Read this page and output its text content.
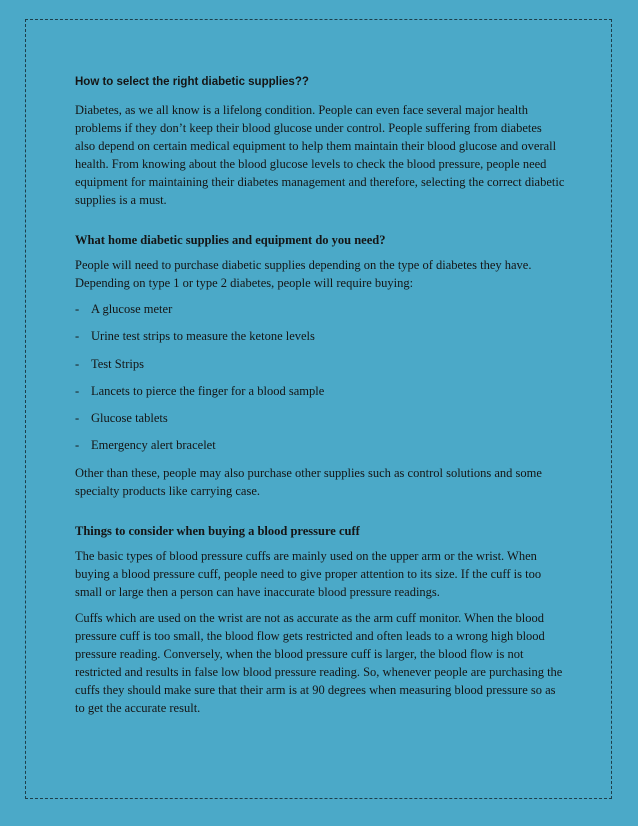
How to select the right diabetic supplies??

Diabetes, as we all know is a lifelong condition. People can even face several major health problems if they don’t keep their blood glucose under control. People suffering from diabetes also depend on certain medical equipment to help them maintain their blood glucose and overall health. From knowing about the blood glucose levels to check the blood pressure, people need equipment for maintaining their diabetes management and therefore, selecting the correct diabetic supplies is a must.

What home diabetic supplies and equipment do you need?

People will need to purchase diabetic supplies depending on the type of diabetes they have. Depending on type 1 or type 2 diabetes, people will require buying:

- A glucose meter
- Urine test strips to measure the ketone levels
- Test Strips
- Lancets to pierce the finger for a blood sample
- Glucose tablets
- Emergency alert bracelet

Other than these, people may also purchase other supplies such as control solutions and some specialty products like carrying case.

Things to consider when buying a blood pressure cuff

The basic types of blood pressure cuffs are mainly used on the upper arm or the wrist. When buying a blood pressure cuff, people need to give proper attention to its size. If the cuff is too small or large then a person can have inaccurate blood pressure readings.

Cuffs which are used on the wrist are not as accurate as the arm cuff monitor. When the blood pressure cuff is too small, the blood flow gets restricted and often leads to a wrong high blood pressure reading. Conversely, when the blood pressure cuff is larger, the blood flow is not restricted and results in false low blood pressure reading. So, whenever people are purchasing the cuffs they should make sure that their arm is at 90 degrees when measuring blood pressure so as to get the accurate result.
